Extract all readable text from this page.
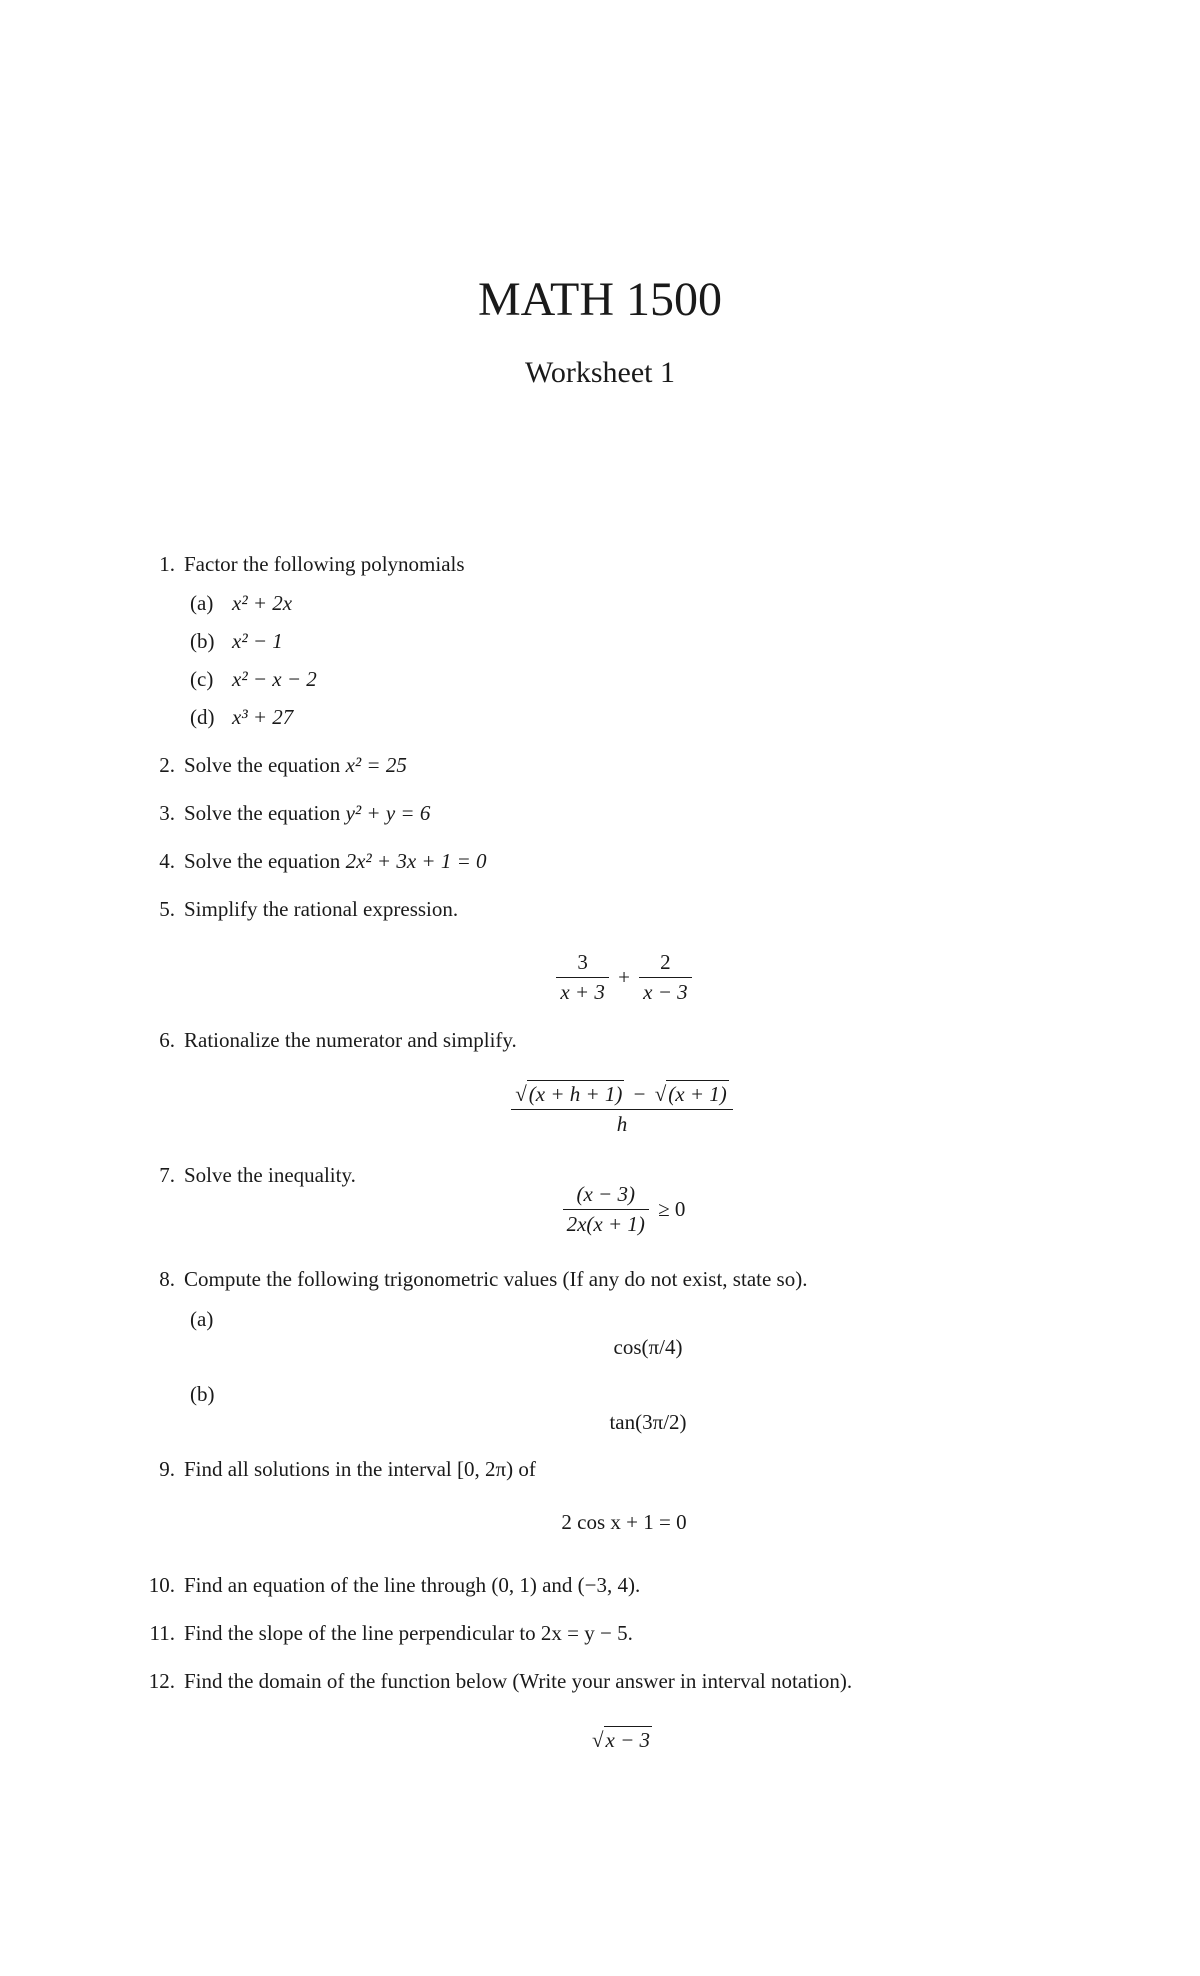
MATH 1500
Worksheet 1
1. Factor the following polynomials
(a) x² + 2x
(b) x² − 1
(c) x² − x − 2
(d) x³ + 27
2. Solve the equation x² = 25
3. Solve the equation y² + y = 6
4. Solve the equation 2x² + 3x + 1 = 0
5. Simplify the rational expression.
$\frac{3}{x + 3} + \frac{2}{x - 3}$
6. Rationalize the numerator and simplify.
$\frac{√(x + h + 1) - √(x + 1)}{h}$
7. Solve the inequality.
$\frac{(x - 3)}{2x(x + 1)} \ge 0$
8. Compute the following trigonometric values (If any do not exist, state so).
(a)
cos(π/4)
(b)
tan(3π/2)
9. Find all solutions in the interval [0, 2π) of
2 cos x + 1 = 0
10. Find an equation of the line through (0, 1) and (−3, 4).
11. Find the slope of the line perpendicular to 2x = y − 5.
12. Find the domain of the function below (Write your answer in interval notation).
√x − 3
